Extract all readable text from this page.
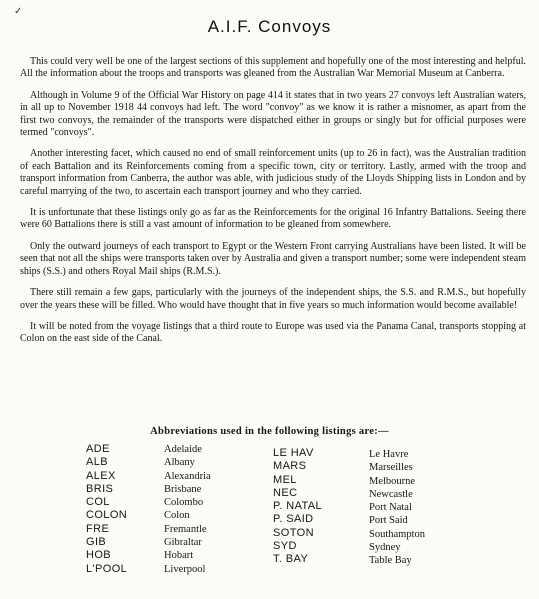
✓
A.I.F. Convoys

This could very well be one of the largest sections of this supplement and hopefully one of the most interesting and helpful. All the information about the troops and transports was gleaned from the Australian War Memorial Museum at Canberra.

Although in Volume 9 of the Official War History on page 414 it states that in two years 27 convoys left Australian waters, in all up to November 1918 44 convoys had left. The word "convoy" as we know it is rather a misnomer, as apart from the first two convoys, the remainder of the transports were dispatched either in groups or singly but for official purposes were termed "convoys".

Another interesting facet, which caused no end of small reinforcement units (up to 26 in fact), was the Australian tradition of each Battalion and its Reinforcements coming from a specific town, city or territory. Lastly, armed with the troop and transport information from Canberra, the author was able, with judicious study of the Lloyds Shipping lists in London and by careful marrying of the two, to ascertain each transport journey and who they carried.

It is unfortunate that these listings only go as far as the Reinforcements for the original 16 Infantry Battalions. Seeing there were 60 Battalions there is still a vast amount of information to be gleaned from somewhere.

Only the outward journeys of each transport to Egypt or the Western Front carrying Australians have been listed. It will be seen that not all the ships were transports taken over by Australia and given a transport number; some were independent steam ships (S.S.) and others Royal Mail ships (R.M.S.).

There still remain a few gaps, particularly with the journeys of the independent ships, the S.S. and R.M.S., but hopefully over the years these will be filled. Who would have thought that in five years so much information would become available!

It will be noted from the voyage listings that a third route to Europe was used via the Panama Canal, transports stopping at Colon on the east side of the Canal.

Abbreviations used in the following listings are:—
ADE
ALB
ALEX
BRIS
COL
COLON
FRE
GIB
HOB
L'POOL
Adelaide
Albany
Alexandria
Brisbane
Colombo
Colon
Fremantle
Gibraltar
Hobart
Liverpool
LE HAV
MARS
MEL
NEC
P. NATAL
P. SAID
SOTON
SYD
T. BAY
Le Havre
Marseilles
Melbourne
Newcastle
Port Natal
Port Said
Southampton
Sydney
Table Bay
